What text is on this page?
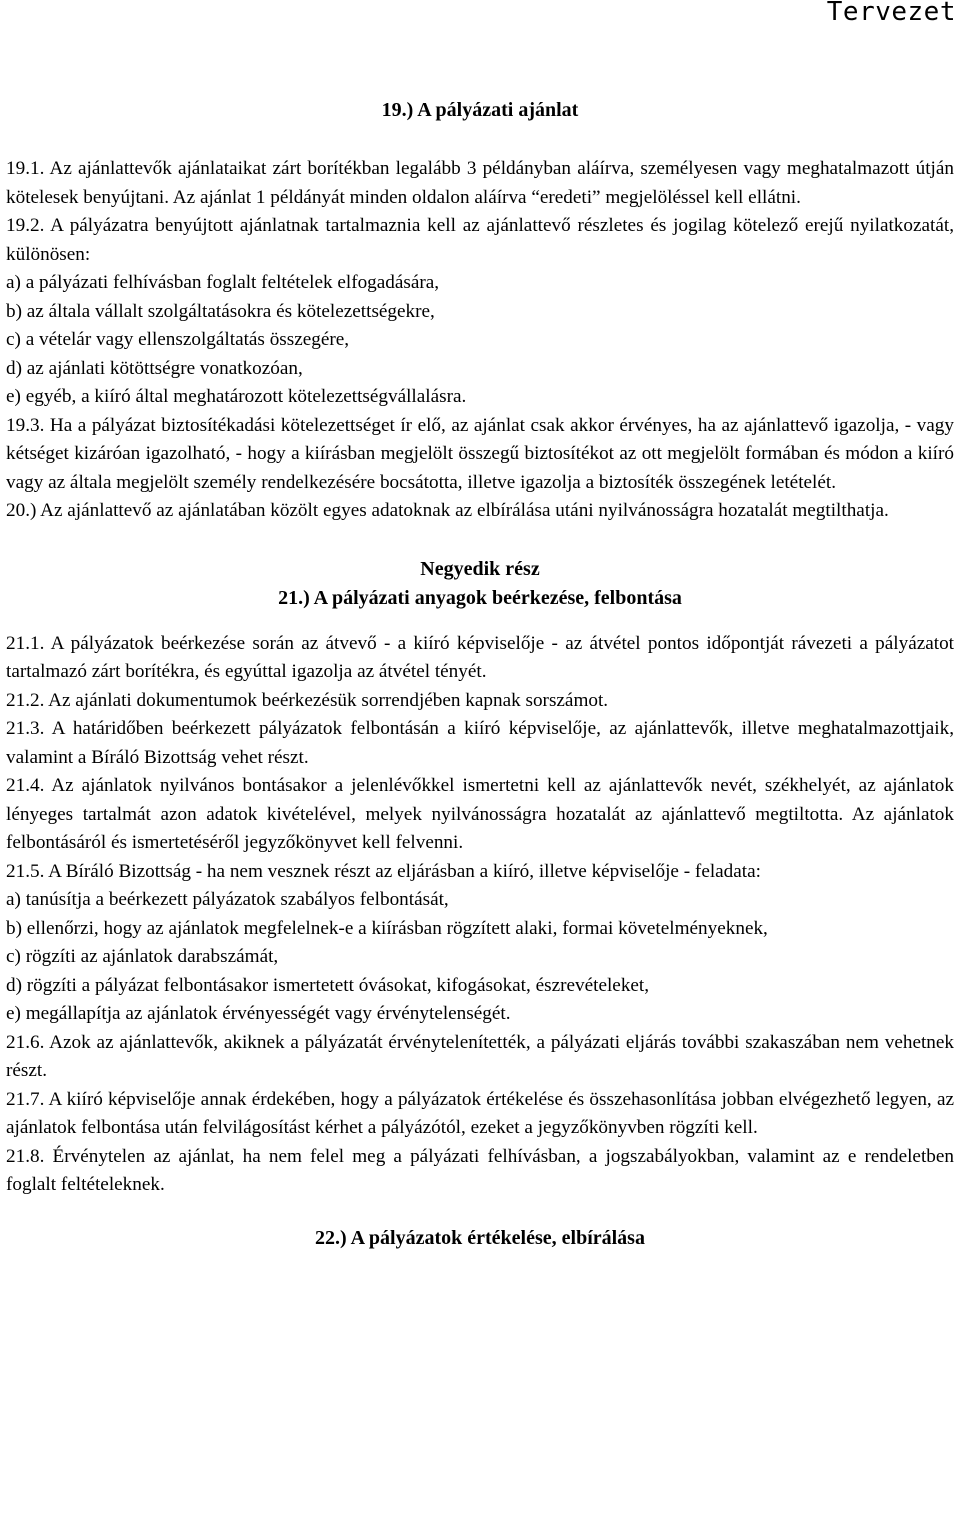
Tervezet
19.) A pályázati ajánlat

19.1. Az ajánlattevők ajánlataikat zárt borítékban legalább 3 példányban aláírva, személyesen vagy meghatalmazott útján kötelesek benyújtani. Az ajánlat 1 példányát minden oldalon aláírva “eredeti” megjelöléssel kell ellátni.

19.2. A pályázatra benyújtott ajánlatnak tartalmaznia kell az ajánlattevő részletes és jogilag kötelező erejű nyilatkozatát, különösen:

a) a pályázati felhívásban foglalt feltételek elfogadására,

b) az általa vállalt szolgáltatásokra és kötelezettségekre,

c) a vételár vagy ellenszolgáltatás összegére,

d) az ajánlati kötöttségre vonatkozóan,

e) egyéb, a kiíró által meghatározott kötelezettségvállalásra.

19.3. Ha a pályázat biztosítékadási kötelezettséget ír elő, az ajánlat csak akkor érvényes, ha az ajánlattevő igazolja, - vagy kétséget kizáróan igazolható, - hogy a kiírásban megjelölt összegű biztosítékot az ott megjelölt formában és módon a kiíró vagy az általa megjelölt személy rendelkezésére bocsátotta, illetve igazolja a biztosíték összegének letételét.

20.) Az ajánlattevő az ajánlatában közölt egyes adatoknak az elbírálása utáni nyilvánosságra hozatalát megtilthatja.

Negyedik rész
21.) A pályázati anyagok beérkezése, felbontása

21.1. A pályázatok beérkezése során az átvevő - a kiíró képviselője - az átvétel pontos időpontját rávezeti a pályázatot tartalmazó zárt borítékra, és egyúttal igazolja az átvétel tényét.

21.2. Az ajánlati dokumentumok beérkezésük sorrendjében kapnak sorszámot.

21.3. A határidőben beérkezett pályázatok felbontásán a kiíró képviselője, az ajánlattevők, illetve meghatalmazottjaik, valamint a Bíráló Bizottság vehet részt.

21.4. Az ajánlatok nyilvános bontásakor a jelenlévőkkel ismertetni kell az ajánlattevők nevét, székhelyét, az ajánlatok lényeges tartalmát azon adatok kivételével, melyek nyilvánosságra hozatalát az ajánlattevő megtiltotta. Az ajánlatok felbontásáról és ismertetéséről jegyzőkönyvet kell felvenni.

21.5. A Bíráló Bizottság - ha nem vesznek részt az eljárásban a kiíró, illetve képviselője - feladata:

a) tanúsítja a beérkezett pályázatok szabályos felbontását,

b) ellenőrzi, hogy az ajánlatok megfelelnek-e a kiírásban rögzített alaki, formai követelményeknek,

c) rögzíti az ajánlatok darabszámát,

d) rögzíti a pályázat felbontásakor ismertetett óvásokat, kifogásokat, észrevételeket,

e) megállapítja az ajánlatok érvényességét vagy érvénytelenségét.

21.6. Azok az ajánlattevők, akiknek a pályázatát érvénytelenítették, a pályázati eljárás további szakaszában nem vehetnek részt.

21.7. A kiíró képviselője annak érdekében, hogy a pályázatok értékelése és összehasonlítása jobban elvégezhető legyen, az ajánlatok felbontása után felvilágosítást kérhet a pályázótól, ezeket a jegyzőkönyvben rögzíti kell.

21.8. Érvénytelen az ajánlat, ha nem felel meg a pályázati felhívásban, a jogszabályokban, valamint az e rendeletben foglalt feltételeknek.

22.) A pályázatok értékelése, elbírálása
